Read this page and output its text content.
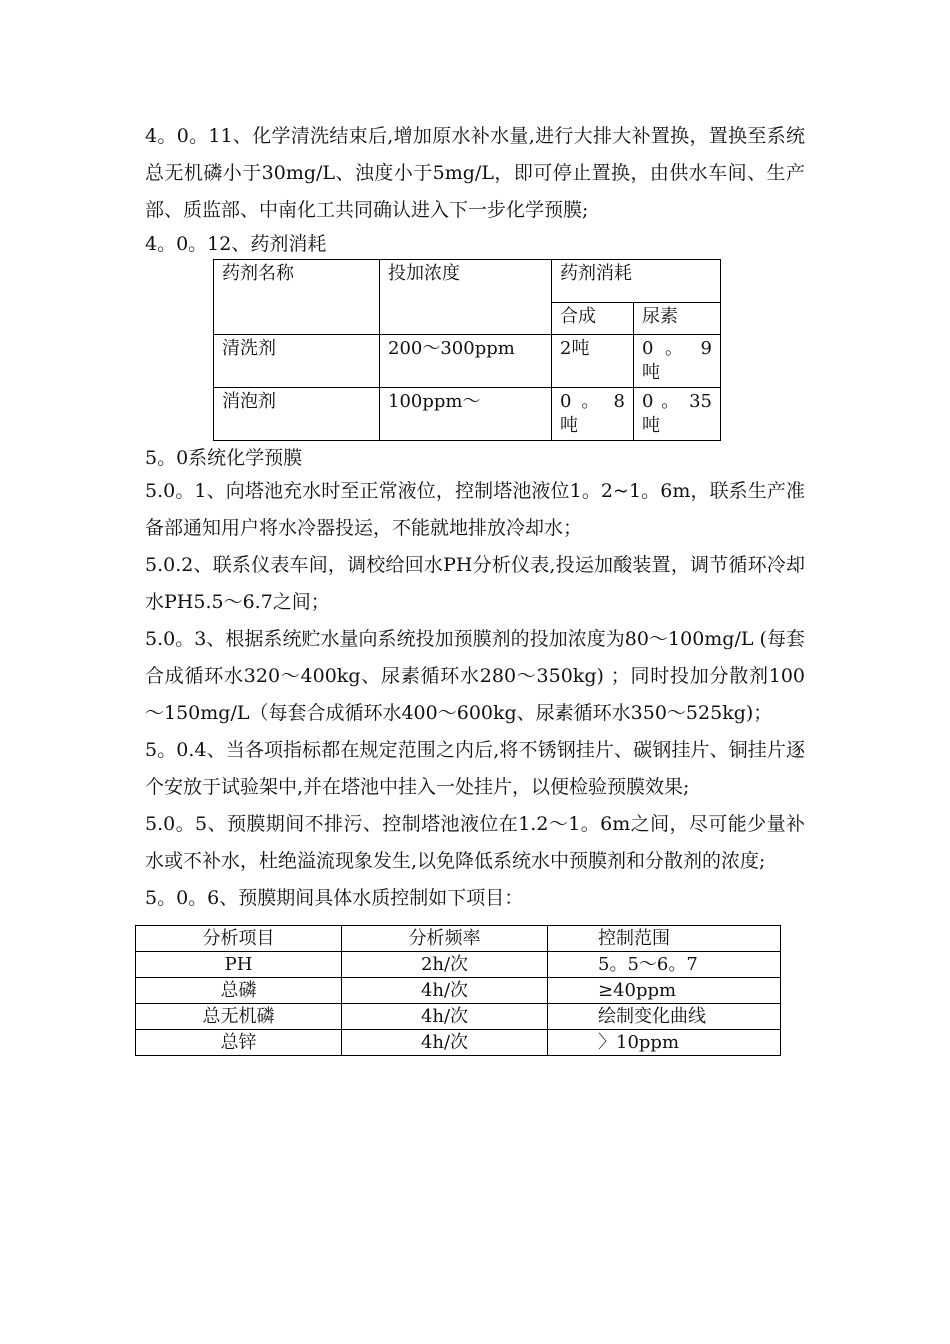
4。0。11、化学清洗结束后,增加原水补水量,进行大排大补置换，置换至系统总无机磷小于30mg/L、浊度小于5mg/L，即可停止置换，由供水车间、生产部、质监部、中南化工共同确认进入下一步化学预膜;

4。0。12、药剂消耗

药剂名称	投加浓度	药剂消耗	
		合成	尿素
清洗剂	200～300ppm	2吨	0 。 9吨
消泡剂	100ppm～	0 。 8吨	0 。 35吨

5。0系统化学预膜

5.0。1、向塔池充水时至正常液位，控制塔池液位1。2~1。6m，联系生产准备部通知用户将水冷器投运，不能就地排放冷却水；

5.0.2、联系仪表车间，调校给回水PH分析仪表,投运加酸装置，调节循环冷却水PH5.5～6.7之间；

5.0。3、根据系统贮水量向系统投加预膜剂的投加浓度为80～100mg/L (每套合成循环水320～400kg、尿素循环水280～350kg) ；同时投加分散剂100～150mg/L（每套合成循环水400～600kg、尿素循环水350～525kg)；

5。0.4、当各项指标都在规定范围之内后,将不锈钢挂片、碳钢挂片、铜挂片逐个安放于试验架中,并在塔池中挂入一处挂片，以便检验预膜效果;

5.0。5、预膜期间不排污、控制塔池液位在1.2～1。6m之间，尽可能少量补水或不补水，杜绝溢流现象发生,以免降低系统水中预膜剂和分散剂的浓度;

5。0。6、预膜期间具体水质控制如下项目：

分析项目	分析频率	控制范围
PH	2h/次	5。5～6。7
总磷	4h/次	≥40ppm
总无机磷	4h/次	绘制变化曲线
总锌	4h/次	〉10ppm
